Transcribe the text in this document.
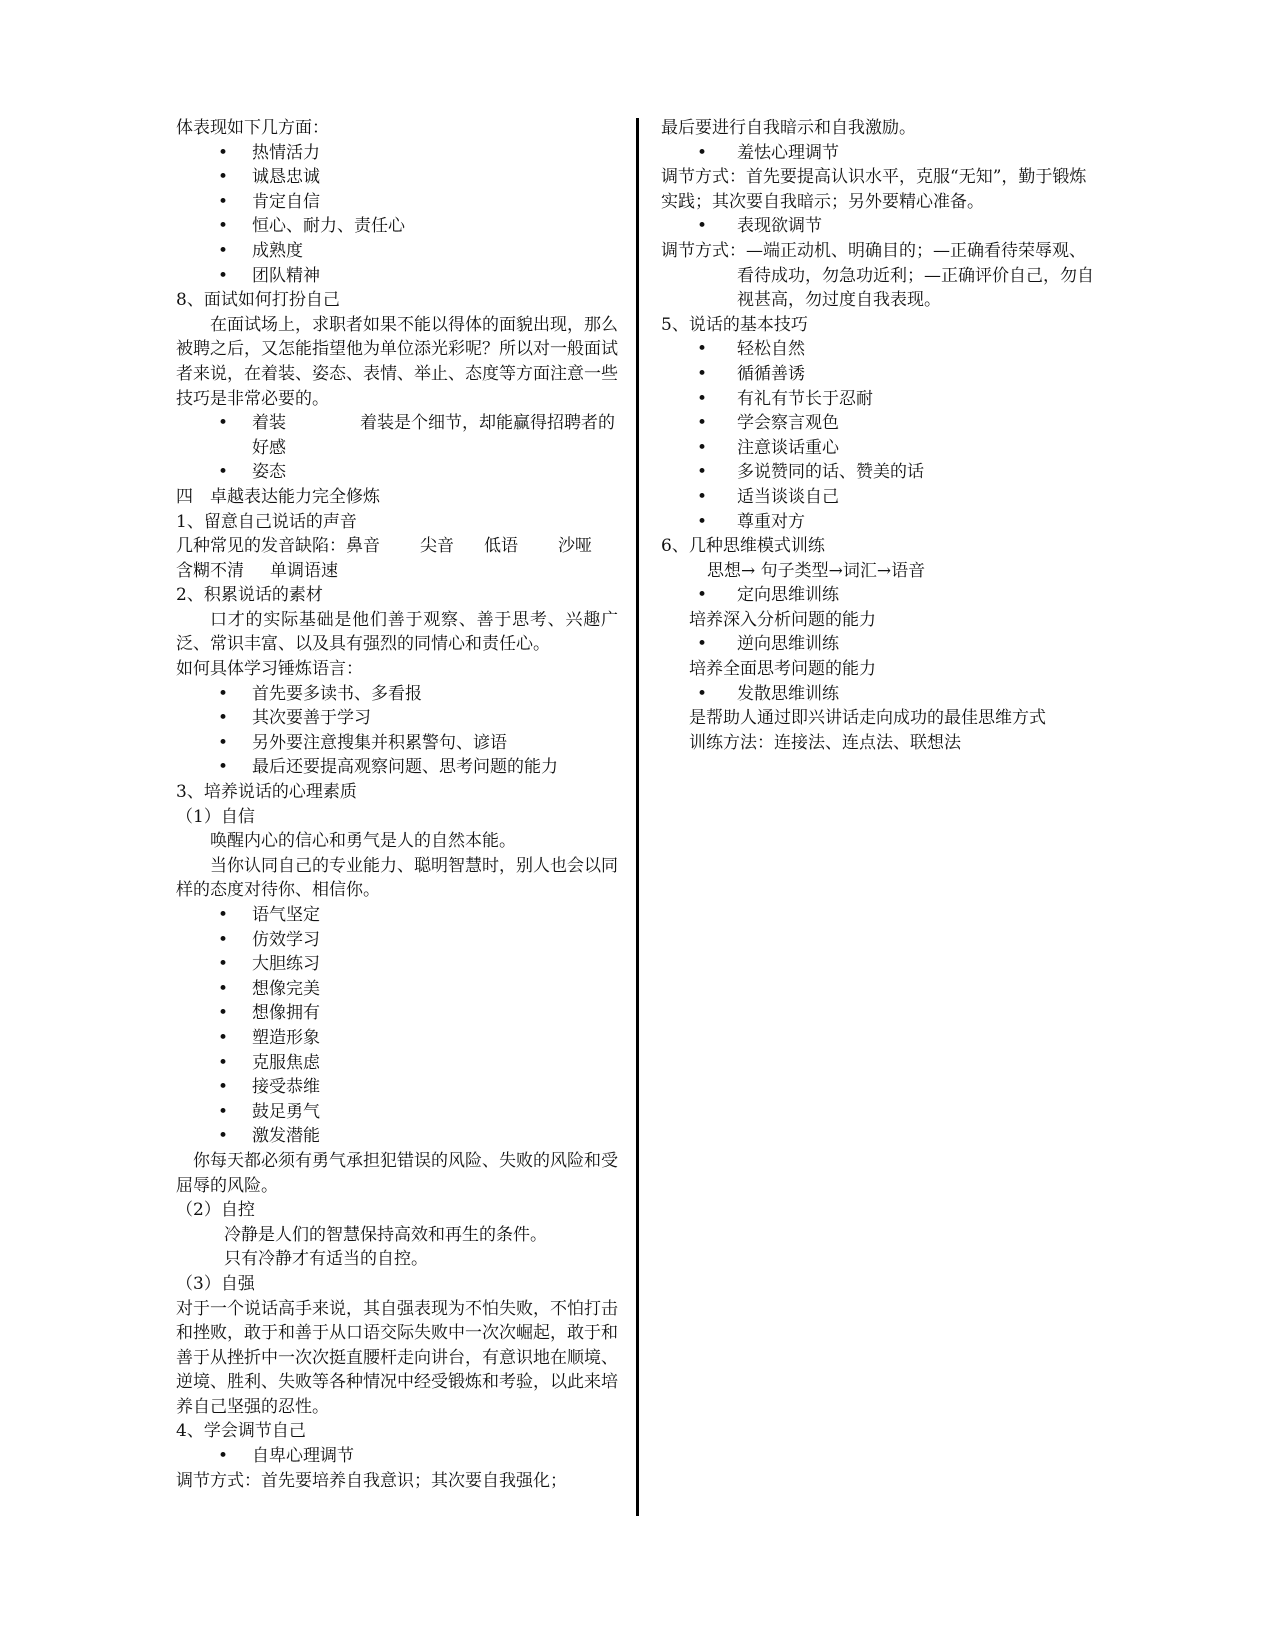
体表现如下几方面：
• 热情活力
• 诚恳忠诚
• 肯定自信
• 恒心、耐力、责任心
• 成熟度
• 团队精神
8、面试如何打扮自己
在面试场上，求职者如果不能以得体的面貌出现，那么被聘之后，又怎能指望他为单位添光彩呢？所以对一般面试者来说，在着装、姿态、表情、举止、态度等方面注意一些技巧是非常必要的。
• 着装	着装是个细节，却能赢得招聘者的好感
• 姿态
四　卓越表达能力完全修炼
1、留意自己说话的声音
几种常见的发音缺陷：鼻音 尖音 低语 沙哑
含糊不清 单调语速
2、积累说话的素材
口才的实际基础是他们善于观察、善于思考、兴趣广泛、常识丰富、以及具有强烈的同情心和责任心。
如何具体学习锤炼语言：
• 首先要多读书、多看报
• 其次要善于学习
• 另外要注意搜集并积累警句、谚语
• 最后还要提高观察问题、思考问题的能力
3、培养说话的心理素质
（1）自信
唤醒内心的信心和勇气是人的自然本能。
当你认同自己的专业能力、聪明智慧时，别人也会以同样的态度对待你、相信你。
• 语气坚定
• 仿效学习
• 大胆练习
• 想像完美
• 想像拥有
• 塑造形象
• 克服焦虑
• 接受恭维
• 鼓足勇气
• 激发潜能
你每天都必须有勇气承担犯错误的风险、失败的风险和受屈辱的风险。
（2）自控
冷静是人们的智慧保持高效和再生的条件。
只有冷静才有适当的自控。
（3）自强
对于一个说话高手来说，其自强表现为不怕失败，不怕打击和挫败，敢于和善于从口语交际失败中一次次崛起，敢于和善于从挫折中一次次挺直腰杆走向讲台，有意识地在顺境、逆境、胜利、失败等各种情况中经受锻炼和考验，以此来培养自己坚强的忍性。
4、学会调节自己
• 自卑心理调节
调节方式：首先要培养自我意识；其次要自我强化；
最后要进行自我暗示和自我激励。
• 羞怯心理调节
调节方式：首先要提高认识水平，克服“无知”，勤于锻炼实践；其次要自我暗示；另外要精心准备。
• 表现欲调节
调节方式：—端正动机、明确目的；—正确看待荣辱观、看待成功，勿急功近利；—正确评价自己，勿自视甚高，勿过度自我表现。
5、说话的基本技巧
• 轻松自然
• 循循善诱
• 有礼有节长于忍耐
• 学会察言观色
• 注意谈话重心
• 多说赞同的话、赞美的话
• 适当谈谈自己
• 尊重对方
6、几种思维模式训练
思想→ 句子类型→词汇→语音
• 定向思维训练
培养深入分析问题的能力
• 逆向思维训练
培养全面思考问题的能力
• 发散思维训练
是帮助人通过即兴讲话走向成功的最佳思维方式
训练方法：连接法、连点法、联想法
